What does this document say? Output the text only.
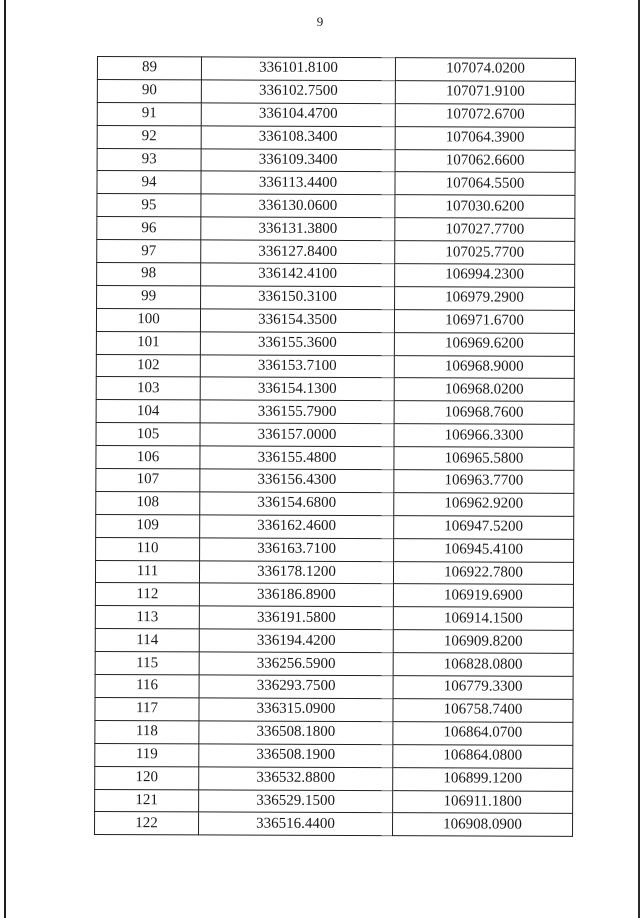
9
89	336101.8100	107074.0200
90	336102.7500	107071.9100
91	336104.4700	107072.6700
92	336108.3400	107064.3900
93	336109.3400	107062.6600
94	336113.4400	107064.5500
95	336130.0600	107030.6200
96	336131.3800	107027.7700
97	336127.8400	107025.7700
98	336142.4100	106994.2300
99	336150.3100	106979.2900
100	336154.3500	106971.6700
101	336155.3600	106969.6200
102	336153.7100	106968.9000
103	336154.1300	106968.0200
104	336155.7900	106968.7600
105	336157.0000	106966.3300
106	336155.4800	106965.5800
107	336156.4300	106963.7700
108	336154.6800	106962.9200
109	336162.4600	106947.5200
110	336163.7100	106945.4100
111	336178.1200	106922.7800
112	336186.8900	106919.6900
113	336191.5800	106914.1500
114	336194.4200	106909.8200
115	336256.5900	106828.0800
116	336293.7500	106779.3300
117	336315.0900	106758.7400
118	336508.1800	106864.0700
119	336508.1900	106864.0800
120	336532.8800	106899.1200
121	336529.1500	106911.1800
122	336516.4400	106908.0900
